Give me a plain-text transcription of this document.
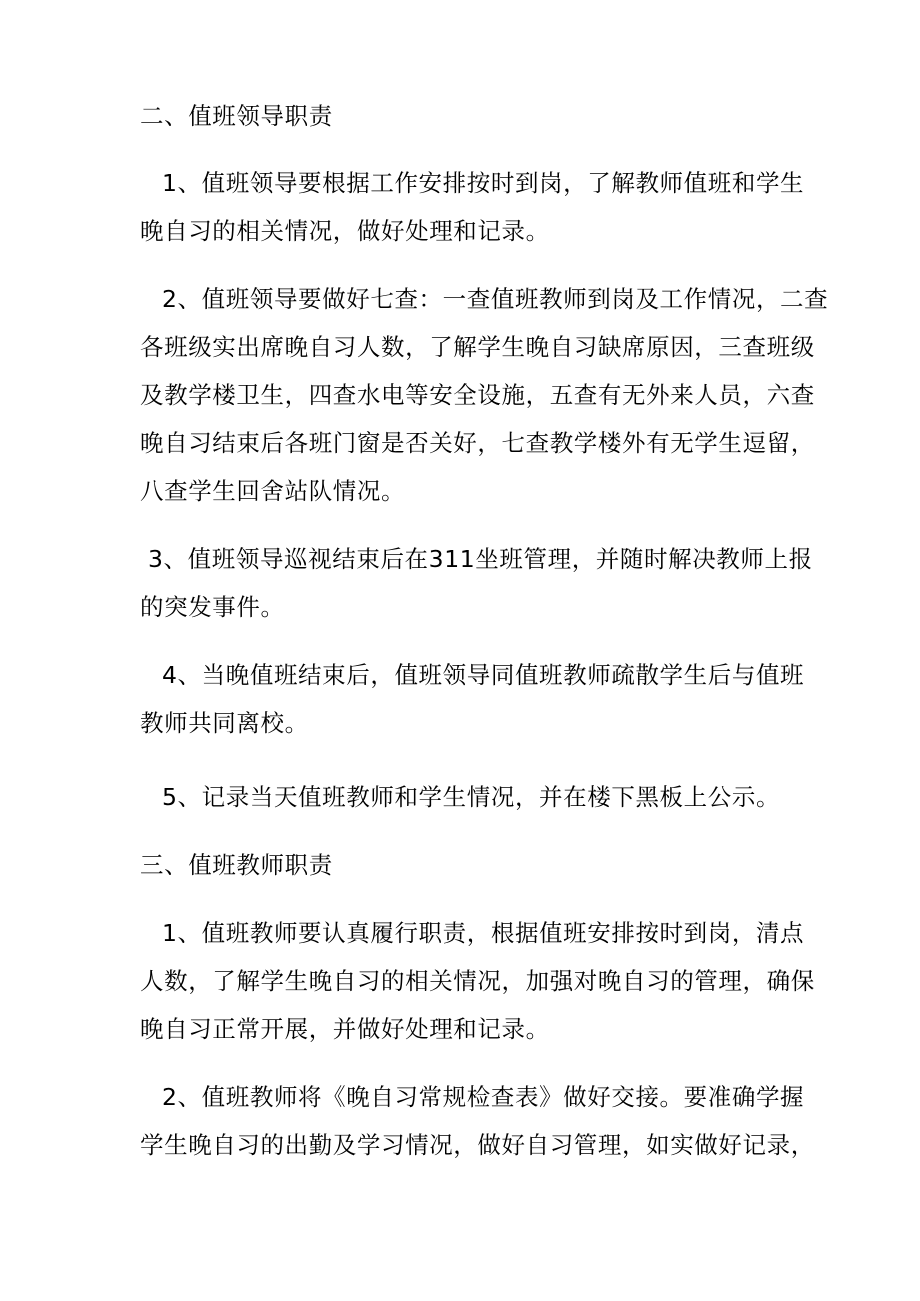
二、值班领导职责
1、值班领导要根据工作安排按时到岗，了解教师值班和学生
晚自习的相关情况，做好处理和记录。
2、值班领导要做好七查：一查值班教师到岗及工作情况，二查
各班级实出席晚自习人数，了解学生晚自习缺席原因，三查班级
及教学楼卫生，四查水电等安全设施，五查有无外来人员，六查
晚自习结束后各班门窗是否关好，七查教学楼外有无学生逗留，
八查学生回舍站队情况。
3、值班领导巡视结束后在311坐班管理，并随时解决教师上报
的突发事件。
4、当晚值班结束后，值班领导同值班教师疏散学生后与值班
教师共同离校。
5、记录当天值班教师和学生情况，并在楼下黑板上公示。
三、值班教师职责
1、值班教师要认真履行职责，根据值班安排按时到岗，清点
人数，了解学生晚自习的相关情况，加强对晚自习的管理，确保
晚自习正常开展，并做好处理和记录。
2、值班教师将《晚自习常规检查表》做好交接。要准确学握
学生晚自习的出勤及学习情况，做好自习管理，如实做好记录，
